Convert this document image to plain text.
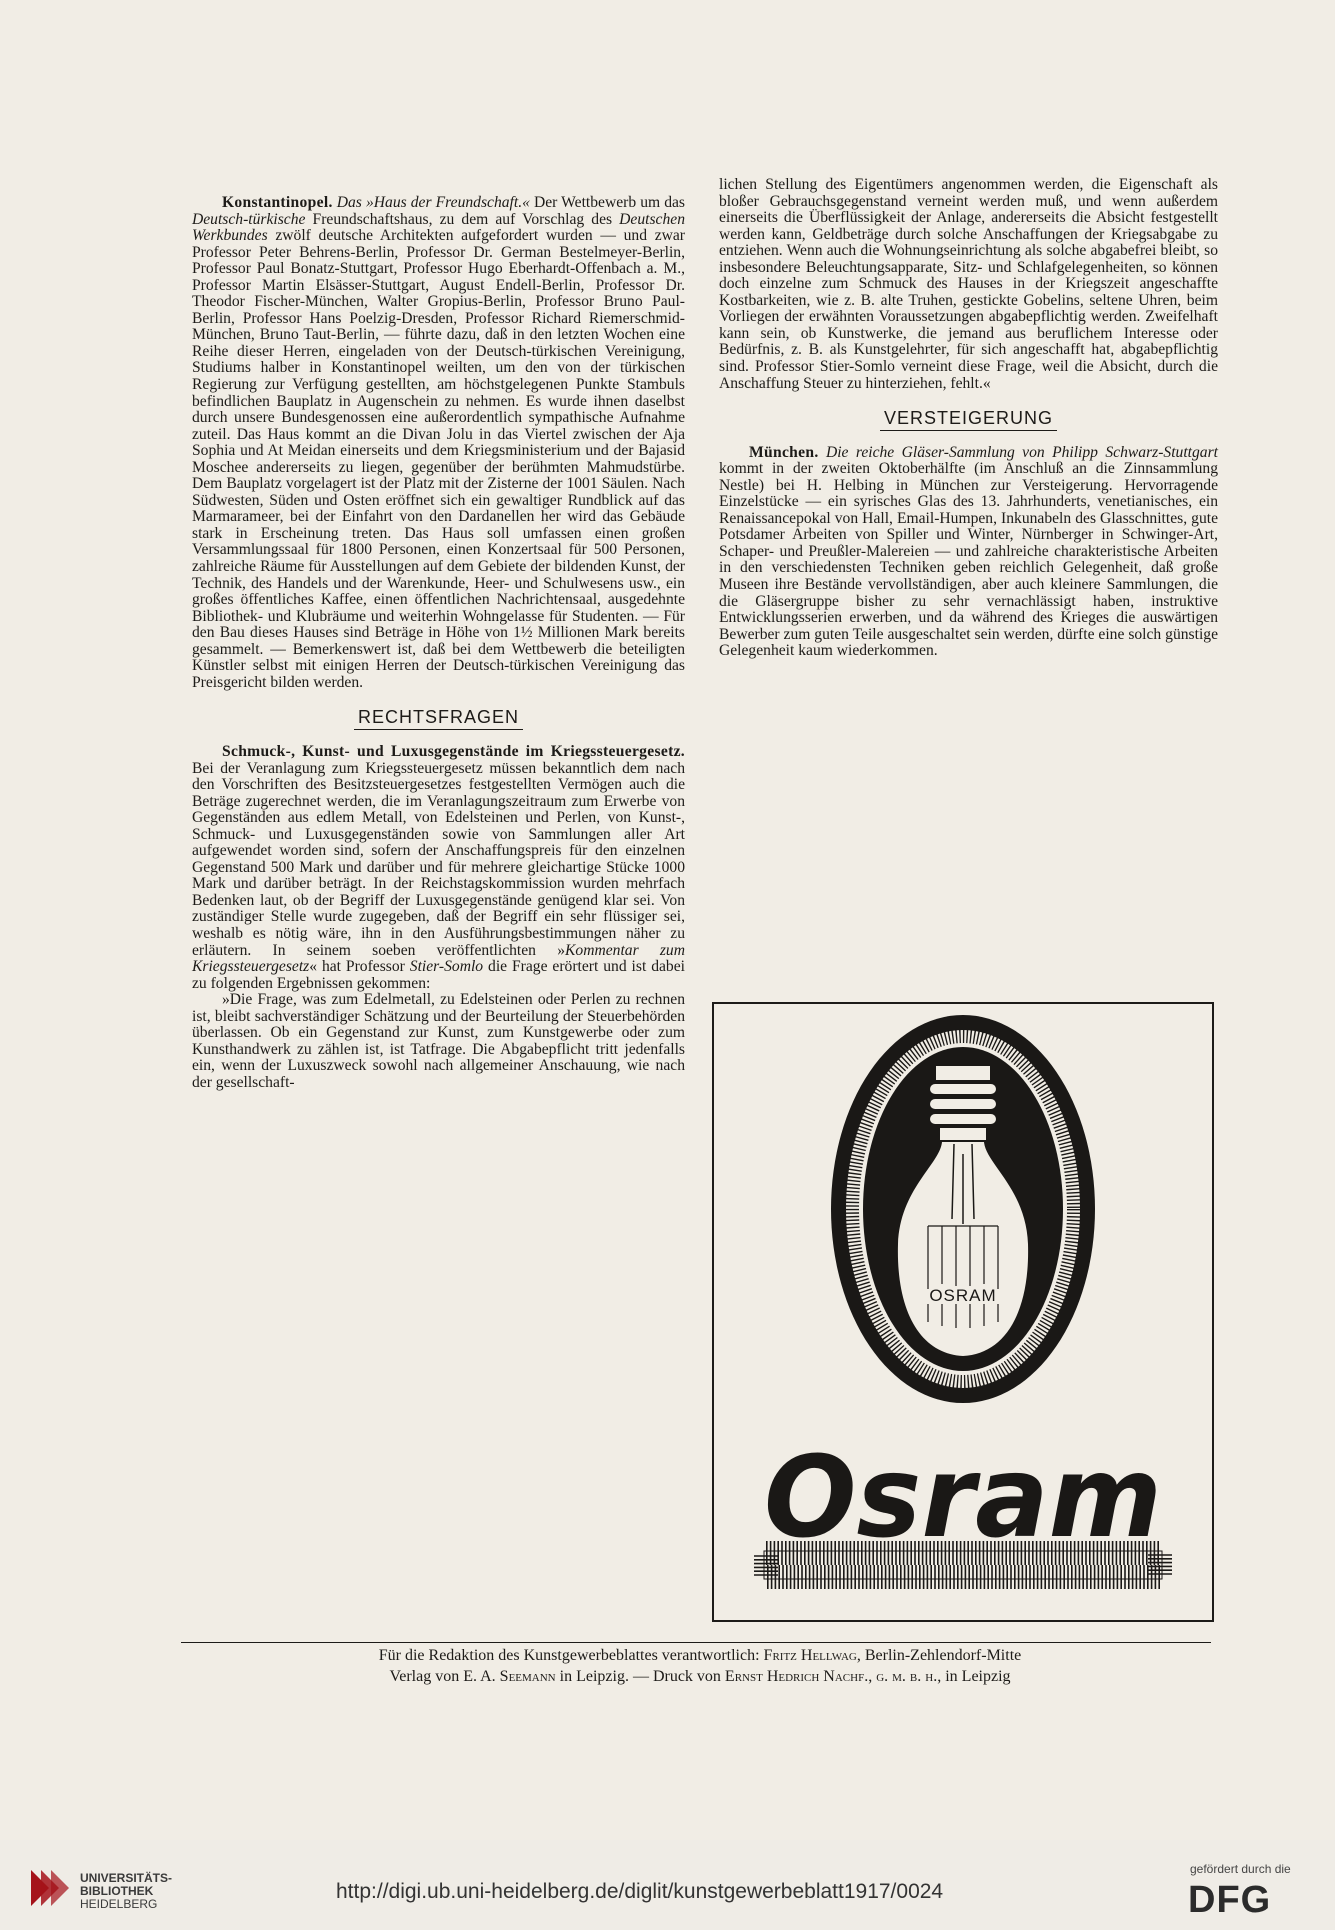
Konstantinopel. Das »Haus der Freundschaft.« Der Wettbewerb um das Deutsch-türkische Freundschaftshaus, zu dem auf Vorschlag des Deutschen Werkbundes zwölf deutsche Architekten aufgefordert wurden — und zwar Professor Peter Behrens-Berlin, Professor Dr. German Bestelmeyer-Berlin, Professor Paul Bonatz-Stuttgart, Professor Hugo Eberhardt-Offenbach a. M., Professor Martin Elsässer-Stuttgart, August Endell-Berlin, Professor Dr. Theodor Fischer-München, Walter Gropius-Berlin, Professor Bruno Paul-Berlin, Professor Hans Poelzig-Dresden, Professor Richard Riemerschmid-München, Bruno Taut-Berlin, — führte dazu, daß in den letzten Wochen eine Reihe dieser Herren, eingeladen von der Deutsch-türkischen Vereinigung, Studiums halber in Konstantinopel weilten, um den von der türkischen Regierung zur Verfügung gestellten, am höchstgelegenen Punkte Stambuls befindlichen Bauplatz in Augenschein zu nehmen. Es wurde ihnen daselbst durch unsere Bundesgenossen eine außerordentlich sympathische Aufnahme zuteil. Das Haus kommt an die Divan Jolu in das Viertel zwischen der Aja Sophia und At Meidan einerseits und dem Kriegsministerium und der Bajasid Moschee andererseits zu liegen, gegenüber der berühmten Mahmudstürbe. Dem Bauplatz vorgelagert ist der Platz mit der Zisterne der 1001 Säulen. Nach Südwesten, Süden und Osten eröffnet sich ein gewaltiger Rundblick auf das Marmarameer, bei der Einfahrt von den Dardanellen her wird das Gebäude stark in Erscheinung treten. Das Haus soll umfassen einen großen Versammlungssaal für 1800 Personen, einen Konzertsaal für 500 Personen, zahlreiche Räume für Ausstellungen auf dem Gebiete der bildenden Kunst, der Technik, des Handels und der Warenkunde, Heer- und Schulwesens usw., ein großes öffentliches Kaffee, einen öffentlichen Nachrichtensaal, ausgedehnte Bibliothek- und Klubräume und weiterhin Wohngelasse für Studenten. — Für den Bau dieses Hauses sind Beträge in Höhe von 1½ Millionen Mark bereits gesammelt. — Bemerkenswert ist, daß bei dem Wettbewerb die beteiligten Künstler selbst mit einigen Herren der Deutsch-türkischen Vereinigung das Preisgericht bilden werden.

RECHTSFRAGEN

Schmuck-, Kunst- und Luxusgegenstände im Kriegssteuergesetz. Bei der Veranlagung zum Kriegssteuergesetz müssen bekanntlich dem nach den Vorschriften des Besitzsteuergesetzes festgestellten Vermögen auch die Beträge zugerechnet werden, die im Veranlagungszeitraum zum Erwerbe von Gegenständen aus edlem Metall, von Edelsteinen und Perlen, von Kunst-, Schmuck- und Luxusgegenständen sowie von Sammlungen aller Art aufgewendet worden sind, sofern der Anschaffungspreis für den einzelnen Gegenstand 500 Mark und darüber und für mehrere gleichartige Stücke 1000 Mark und darüber beträgt. In der Reichstagskommission wurden mehrfach Bedenken laut, ob der Begriff der Luxusgegenstände genügend klar sei. Von zuständiger Stelle wurde zugegeben, daß der Begriff ein sehr flüssiger sei, weshalb es nötig wäre, ihn in den Ausführungsbestimmungen näher zu erläutern. In seinem soeben veröffentlichten »Kommentar zum Kriegssteuergesetz« hat Professor Stier-Somlo die Frage erörtert und ist dabei zu folgenden Ergebnissen gekommen:

»Die Frage, was zum Edelmetall, zu Edelsteinen oder Perlen zu rechnen ist, bleibt sachverständiger Schätzung und der Beurteilung der Steuerbehörden überlassen. Ob ein Gegenstand zur Kunst, zum Kunstgewerbe oder zum Kunsthandwerk zu zählen ist, ist Tatfrage. Die Abgabepflicht tritt jedenfalls ein, wenn der Luxuszweck sowohl nach allgemeiner Anschauung, wie nach der gesellschaft-

lichen Stellung des Eigentümers angenommen werden, die Eigenschaft als bloßer Gebrauchsgegenstand verneint werden muß, und wenn außerdem einerseits die Überflüssigkeit der Anlage, andererseits die Absicht festgestellt werden kann, Geldbeträge durch solche Anschaffungen der Kriegsabgabe zu entziehen. Wenn auch die Wohnungseinrichtung als solche abgabefrei bleibt, so insbesondere Beleuchtungsapparate, Sitz- und Schlafgelegenheiten, so können doch einzelne zum Schmuck des Hauses in der Kriegszeit angeschaffte Kostbarkeiten, wie z. B. alte Truhen, gestickte Gobelins, seltene Uhren, beim Vorliegen der erwähnten Voraussetzungen abgabepflichtig werden. Zweifelhaft kann sein, ob Kunstwerke, die jemand aus beruflichem Interesse oder Bedürfnis, z. B. als Kunstgelehrter, für sich angeschafft hat, abgabepflichtig sind. Professor Stier-Somlo verneint diese Frage, weil die Absicht, durch die Anschaffung Steuer zu hinterziehen, fehlt.«

VERSTEIGERUNG

München. Die reiche Gläser-Sammlung von Philipp Schwarz-Stuttgart kommt in der zweiten Oktoberhälfte (im Anschluß an die Zinnsammlung Nestle) bei H. Helbing in München zur Versteigerung. Hervorragende Einzelstücke — ein syrisches Glas des 13. Jahrhunderts, venetianisches, ein Renaissancepokal von Hall, Email-Humpen, Inkunabeln des Glasschnittes, gute Potsdamer Arbeiten von Spiller und Winter, Nürnberger in Schwinger-Art, Schaper- und Preußler-Malereien — und zahlreiche charakteristische Arbeiten in den verschiedensten Techniken geben reichlich Gelegenheit, daß große Museen ihre Bestände vervollständigen, aber auch kleinere Sammlungen, die die Gläsergruppe bisher zu sehr vernachlässigt haben, instruktive Entwicklungsserien erwerben, und da während des Krieges die auswärtigen Bewerber zum guten Teile ausgeschaltet sein werden, dürfte eine solch günstige Gelegenheit kaum wiederkommen.

OSRAM
Osram
Für die Redaktion des Kunstgewerbeblattes verantwortlich: Fritz Hellwag, Berlin-Zehlendorf-Mitte
Verlag von E. A. Seemann in Leipzig. — Druck von Ernst Hedrich Nachf., g. m. b. h., in Leipzig
UNIVERSITÄTS-
BIBLIOTHEK
HEIDELBERG
http://digi.ub.uni-heidelberg.de/diglit/kunstgewerbeblatt1917/0024
gefördert durch die
DFG
